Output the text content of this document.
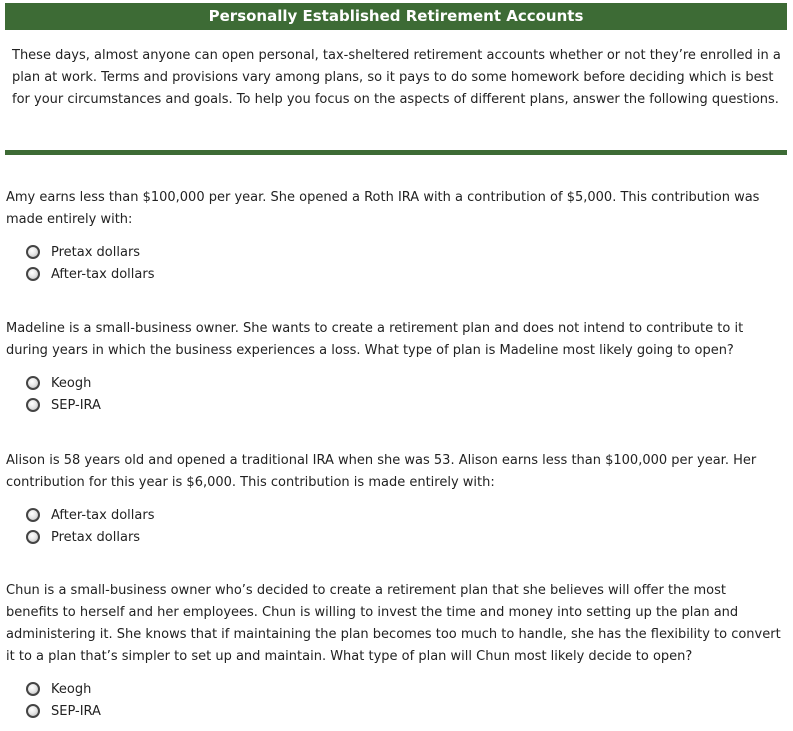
Personally Established Retirement Accounts
These days, almost anyone can open personal, tax-sheltered retirement accounts whether or not they’re enrolled in a plan at work. Terms and provisions vary among plans, so it pays to do some homework before deciding which is best for your circumstances and goals. To help you focus on the aspects of different plans, answer the following questions.
Amy earns less than $100,000 per year. She opened a Roth IRA with a contribution of $5,000. This contribution was made entirely with:
Pretax dollars
After-tax dollars
Madeline is a small-business owner. She wants to create a retirement plan and does not intend to contribute to it during years in which the business experiences a loss. What type of plan is Madeline most likely going to open?
Keogh
SEP-IRA
Alison is 58 years old and opened a traditional IRA when she was 53. Alison earns less than $100,000 per year. Her contribution for this year is $6,000. This contribution is made entirely with:
After-tax dollars
Pretax dollars
Chun is a small-business owner who’s decided to create a retirement plan that she believes will offer the most benefits to herself and her employees. Chun is willing to invest the time and money into setting up the plan and administering it. She knows that if maintaining the plan becomes too much to handle, she has the flexibility to convert it to a plan that’s simpler to set up and maintain. What type of plan will Chun most likely decide to open?
Keogh
SEP-IRA
